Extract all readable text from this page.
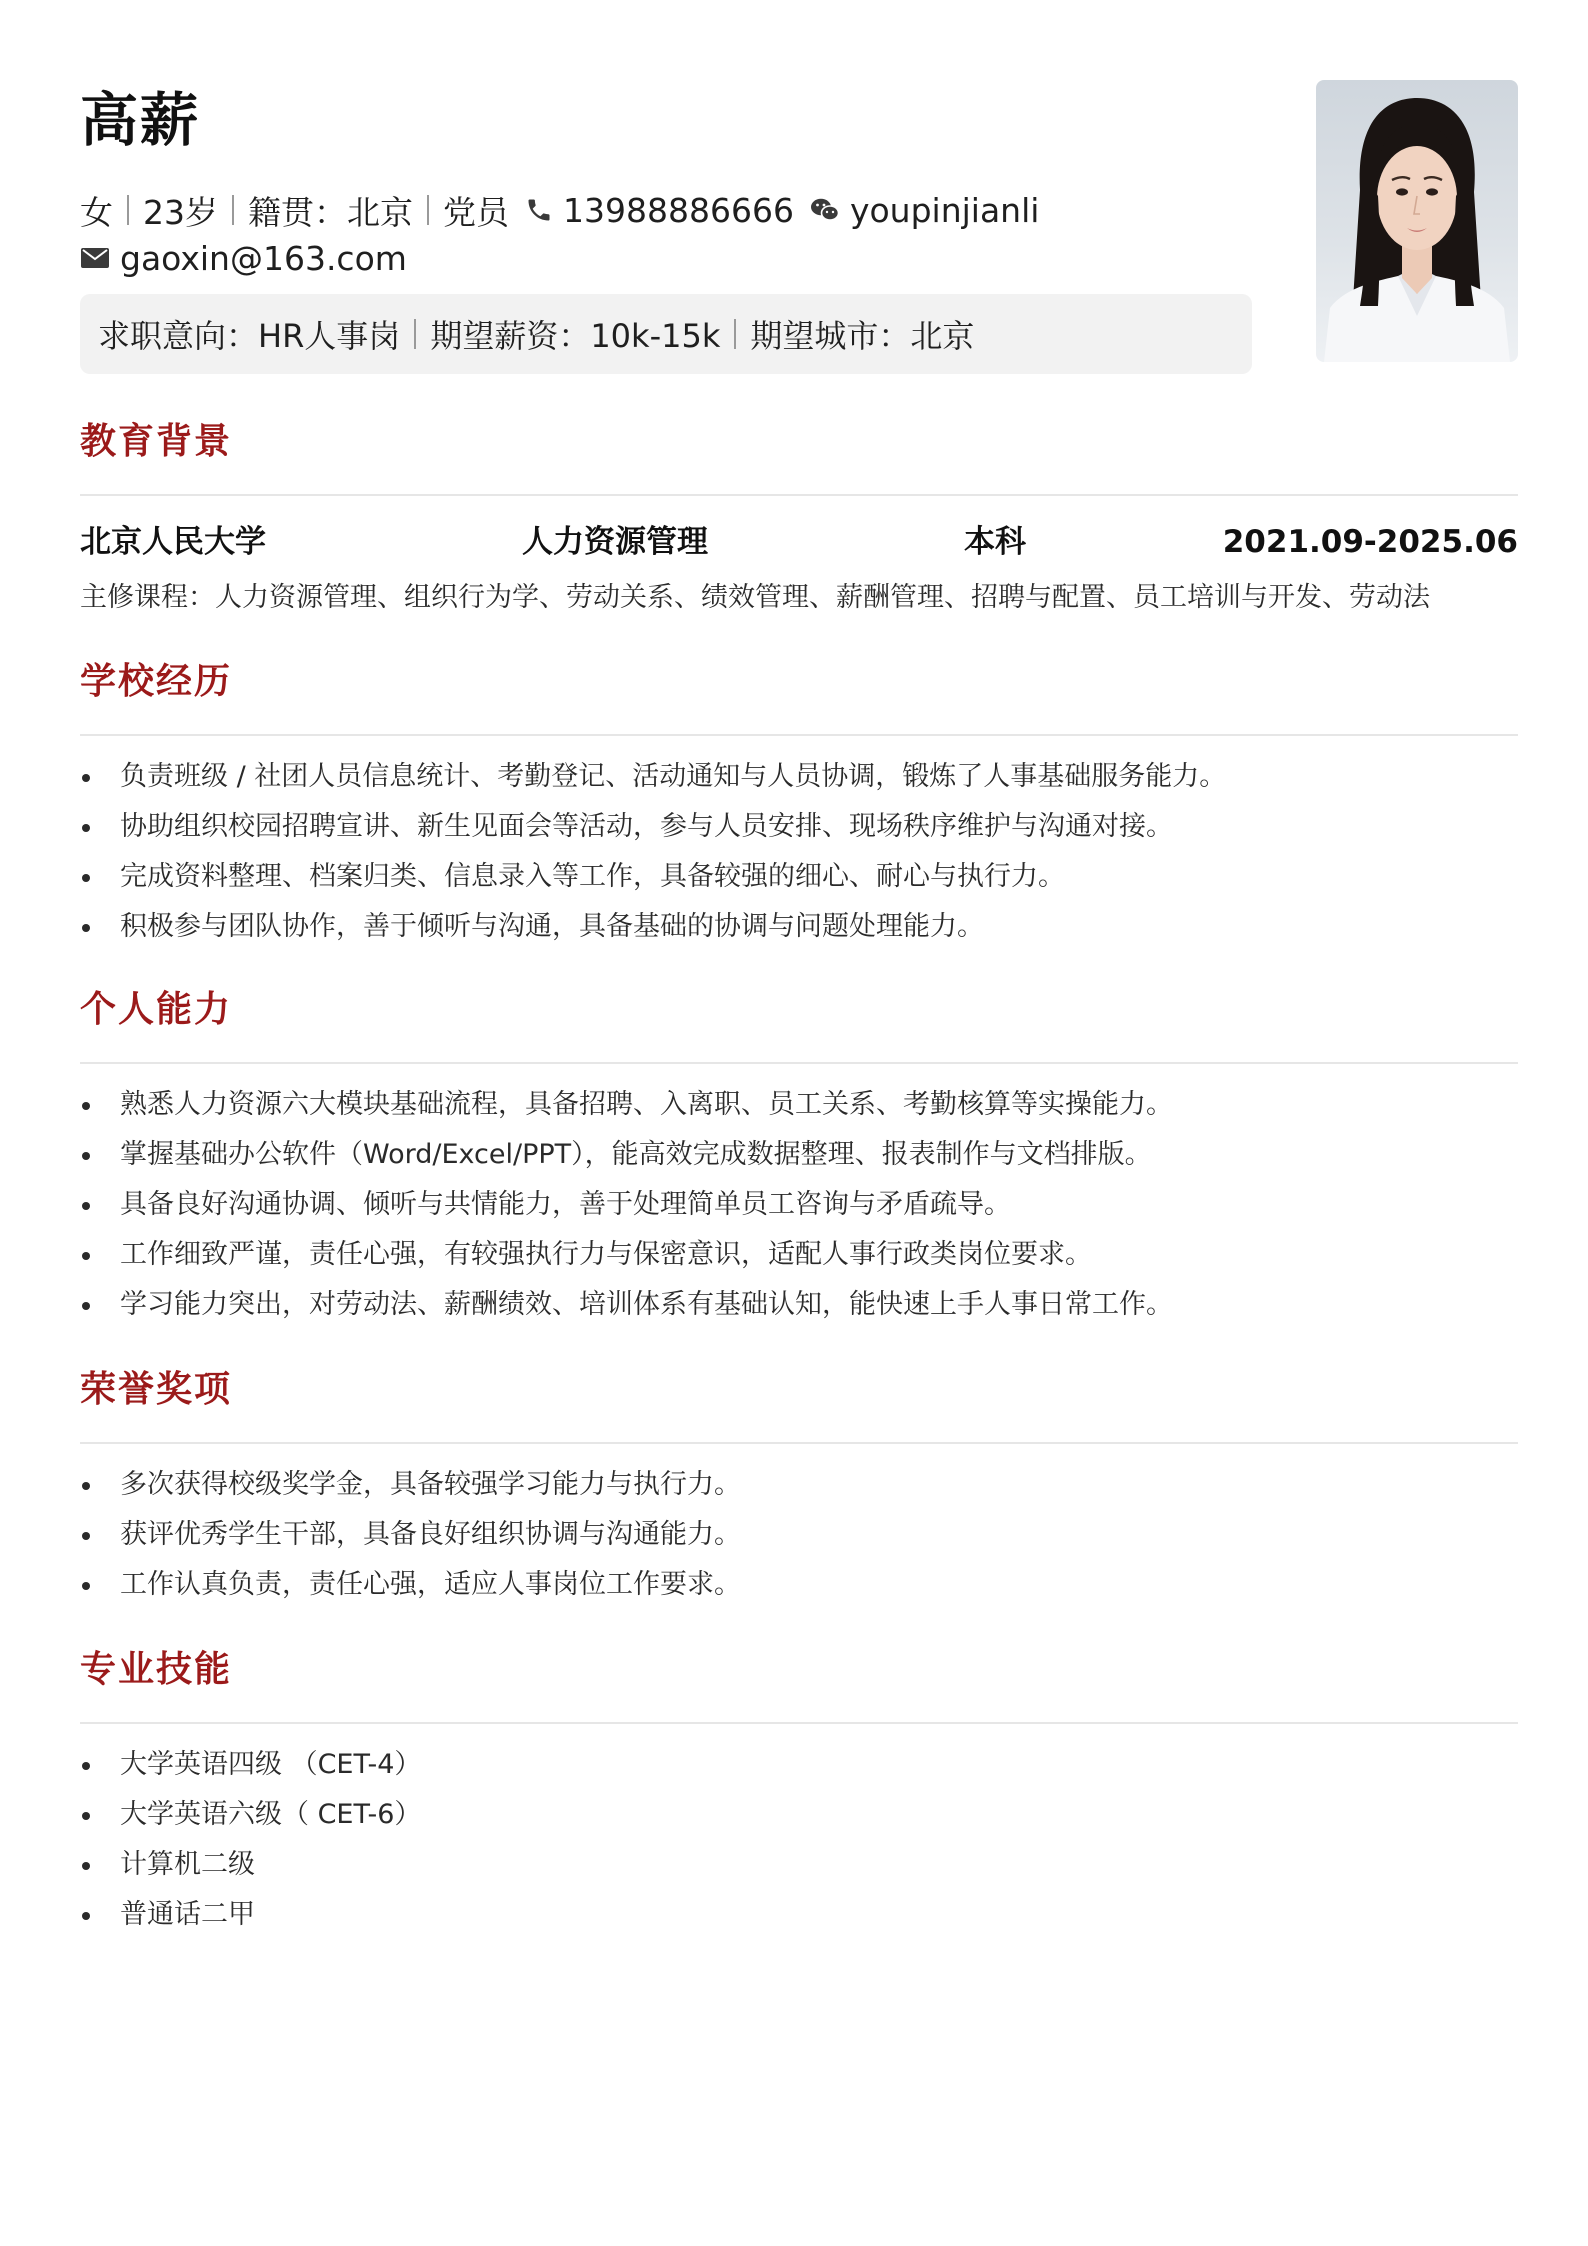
高薪
女 23岁 籍贯：北京 党员 13988886666 youpinjianli
gaoxin@163.com
求职意向：HR人事岗 期望薪资：10k-15k 期望城市：北京
教育背景
北京人民大学	人力资源管理	本科	2021.09-2025.06
主修课程：人力资源管理、组织行为学、劳动关系、绩效管理、薪酬管理、招聘与配置、员工培训与开发、劳动法
学校经历
负责班级 / 社团人员信息统计、考勤登记、活动通知与人员协调，锻炼了人事基础服务能力。
协助组织校园招聘宣讲、新生见面会等活动，参与人员安排、现场秩序维护与沟通对接。
完成资料整理、档案归类、信息录入等工作，具备较强的细心、耐心与执行力。
积极参与团队协作，善于倾听与沟通，具备基础的协调与问题处理能力。
个人能力
熟悉人力资源六大模块基础流程，具备招聘、入离职、员工关系、考勤核算等实操能力。
掌握基础办公软件（Word/Excel/PPT），能高效完成数据整理、报表制作与文档排版。
具备良好沟通协调、倾听与共情能力，善于处理简单员工咨询与矛盾疏导。
工作细致严谨，责任心强，有较强执行力与保密意识，适配人事行政类岗位要求。
学习能力突出，对劳动法、薪酬绩效、培训体系有基础认知，能快速上手人事日常工作。
荣誉奖项
多次获得校级奖学金，具备较强学习能力与执行力。
获评优秀学生干部，具备良好组织协调与沟通能力。
工作认真负责，责任心强，适应人事岗位工作要求。
专业技能
大学英语四级 （CET-4）
大学英语六级（ CET-6）
计算机二级
普通话二甲
